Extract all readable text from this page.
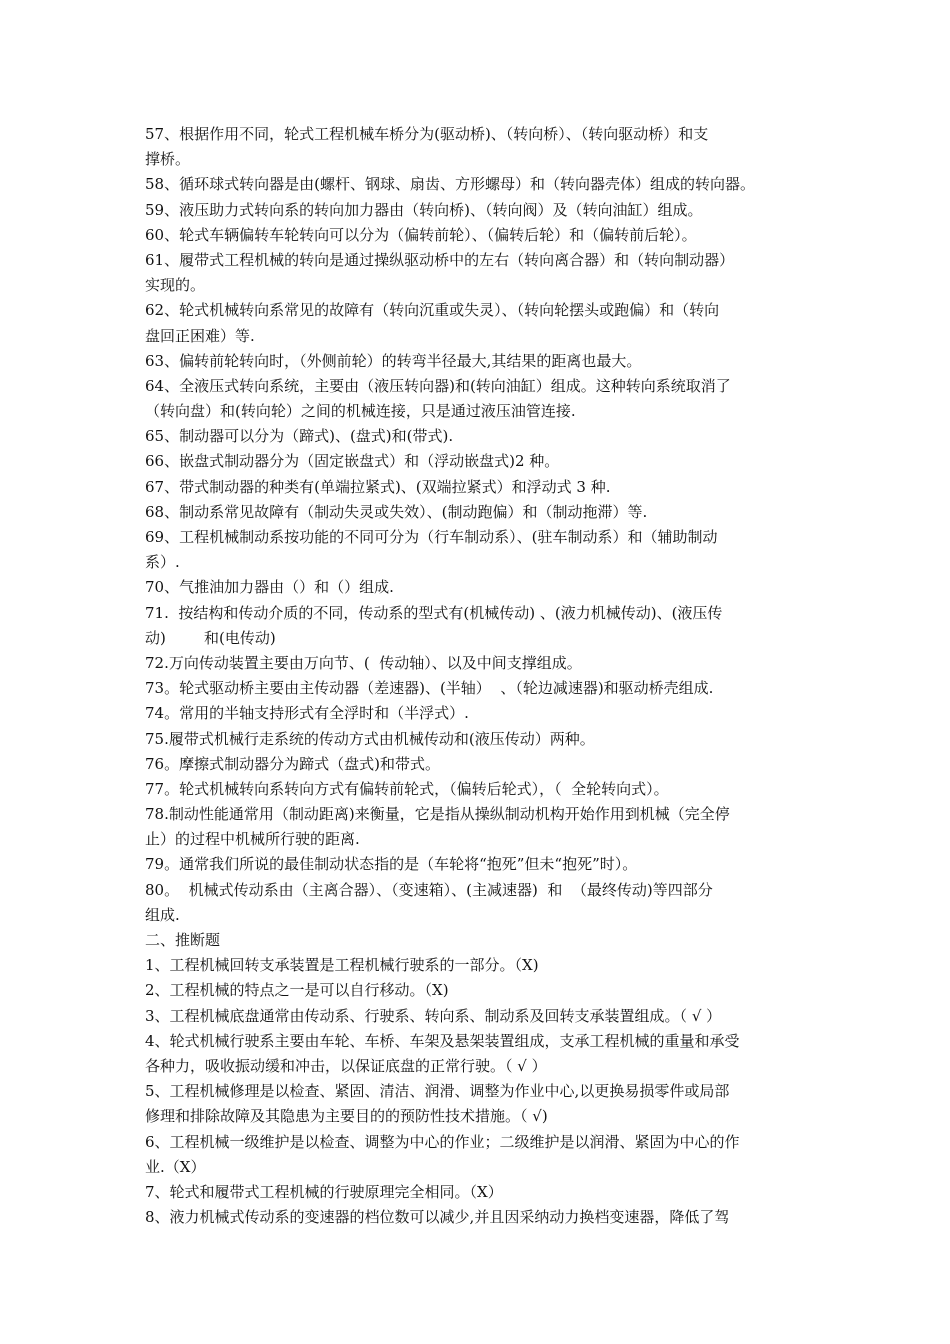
57、根据作用不同，轮式工程机械车桥分为(驱动桥)、（转向桥）、（转向驱动桥）和支
撑桥。
58、循环球式转向器是由(螺杆、钢球、扇齿、方形螺母）和（转向器壳体）组成的转向器。
59、液压助力式转向系的转向加力器由（转向桥)、（转向阀）及（转向油缸）组成。
60、轮式车辆偏转车轮转向可以分为（偏转前轮）、（偏转后轮）和（偏转前后轮）。
61、履带式工程机械的转向是通过操纵驱动桥中的左右（转向离合器）和（转向制动器）
实现的。
62、轮式机械转向系常见的故障有（转向沉重或失灵）、（转向轮摆头或跑偏）和（转向
盘回正困难）等.
63、偏转前轮转向时，（外侧前轮）的转弯半径最大,其结果的距离也最大。
64、全液压式转向系统，主要由（液压转向器)和(转向油缸）组成。这种转向系统取消了
（转向盘）和(转向轮）之间的机械连接，只是通过液压油管连接.
65、制动器可以分为（蹄式)、(盘式)和(带式).
66、嵌盘式制动器分为（固定嵌盘式）和（浮动嵌盘式)2 种。
67、带式制动器的种类有(单端拉紧式)、(双端拉紧式）和浮动式 3 种.
68、制动系常见故障有（制动失灵或失效）、(制动跑偏）和（制动拖滞）等.
69、工程机械制动系按功能的不同可分为（行车制动系）、(驻车制动系）和（辅助制动
系）.
70、气推油加力器由（）和（）组成.
71.  按结构和传动介质的不同，传动系的型式有(机械传动) 、(液力机械传动)、(液压传
动)        和(电传动)
72.万向传动装置主要由万向节、(  传动轴）、以及中间支撑组成。
73。轮式驱动桥主要由主传动器（差速器)、(半轴）  、（轮边减速器)和驱动桥壳组成.
74。常用的半轴支持形式有全浮时和（半浮式）.
75.履带式机械行走系统的传动方式由机械传动和(液压传动）两种。
76。摩擦式制动器分为蹄式（盘式)和带式。
77。轮式机械转向系转向方式有偏转前轮式，（偏转后轮式），（  全轮转向式）。
78.制动性能通常用（制动距离)来衡量，它是指从操纵制动机构开始作用到机械（完全停
止）的过程中机械所行驶的距离.
79。通常我们所说的最佳制动状态指的是（车轮将“抱死”但未“抱死”时）。
80。  机械式传动系由（主离合器）、（变速箱）、(主减速器)  和  （最终传动)等四部分
组成.
二、推断题
1、工程机械回转支承装置是工程机械行驶系的一部分。（X)
2、工程机械的特点之一是可以自行移动。（X)
3、工程机械底盘通常由传动系、行驶系、转向系、制动系及回转支承装置组成。（ √ ）
4、轮式机械行驶系主要由车轮、车桥、车架及悬架装置组成，支承工程机械的重量和承受
各种力，吸收振动缓和冲击，以保证底盘的正常行驶。（ √ ）
5、工程机械修理是以检查、紧固、清洁、润滑、调整为作业中心,以更换易损零件或局部
修理和排除故障及其隐患为主要目的的预防性技术措施。（ √)
6、工程机械一级维护是以检查、调整为中心的作业；二级维护是以润滑、紧固为中心的作
业.（X）
7、轮式和履带式工程机械的行驶原理完全相同。（X）
8、液力机械式传动系的变速器的档位数可以减少,并且因采纳动力换档变速器，降低了驾
